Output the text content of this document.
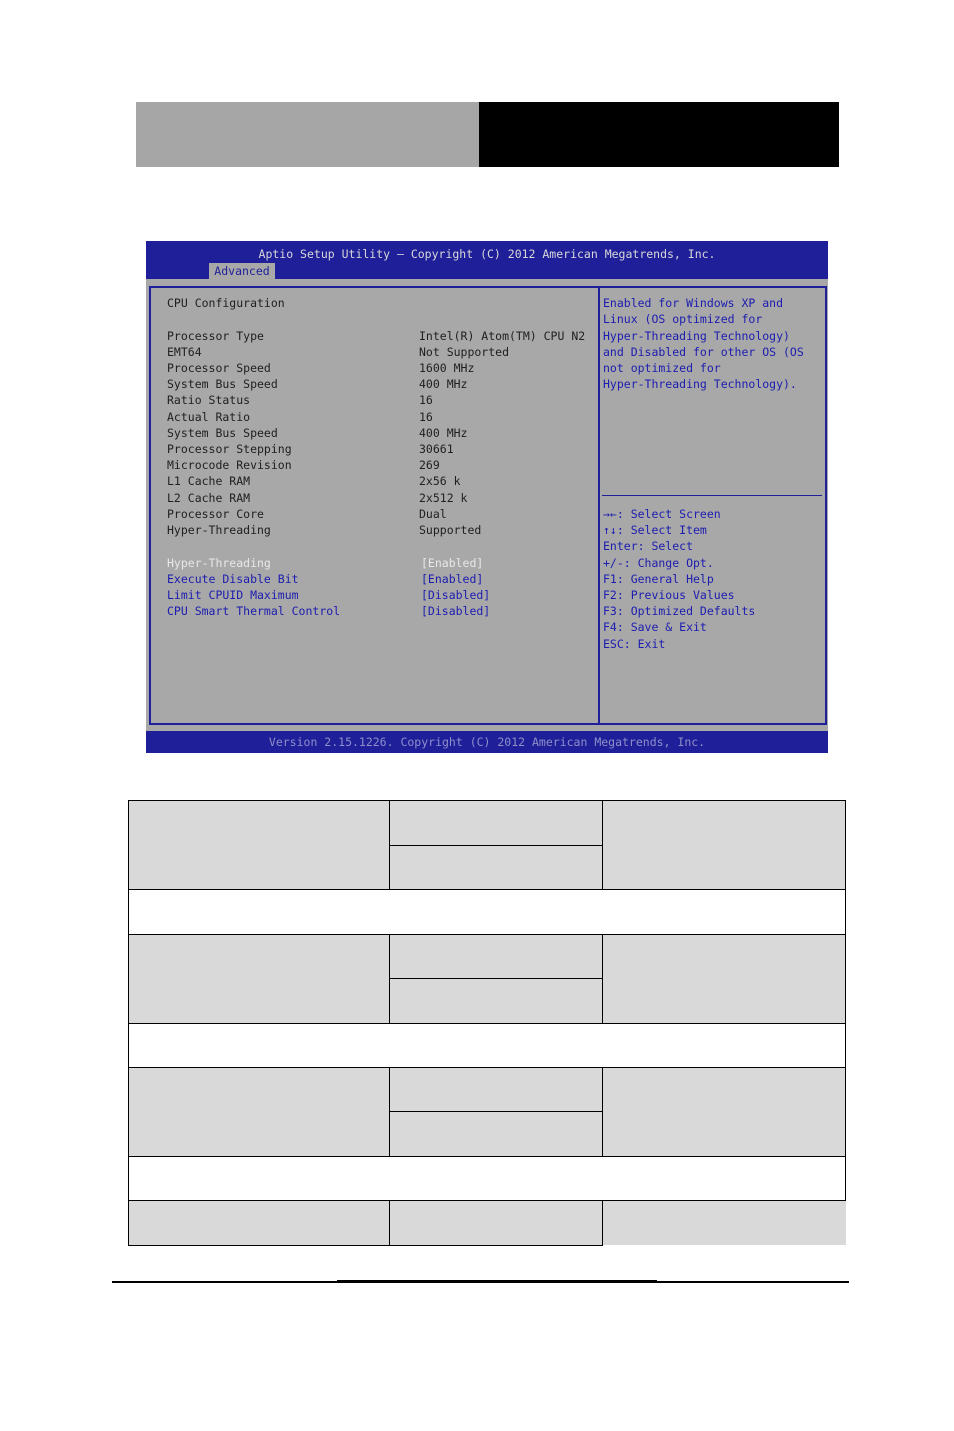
Aptio Setup Utility – Copyright (C) 2012 American Megatrends, Inc.
Advanced
CPU Configuration
Processor Type	Intel(R) Atom(TM) CPU N2
EMT64	Not Supported
Processor Speed	1600 MHz
System Bus Speed	400 MHz
Ratio Status	16
Actual Ratio	16
System Bus Speed	400 MHz
Processor Stepping	30661
Microcode Revision	269
L1 Cache RAM	2x56 k
L2 Cache RAM	2x512 k
Processor Core	Dual
Hyper-Threading	Supported
Hyper-Threading	[Enabled]
Execute Disable Bit	[Enabled]
Limit CPUID Maximum	[Disabled]
CPU Smart Thermal Control	[Disabled]
Enabled for Windows XP and
Linux (OS optimized for
Hyper-Threading Technology)
and Disabled for other OS (OS
not optimized for
Hyper-Threading Technology).
→←: Select Screen
↑↓: Select Item
Enter: Select
+/-: Change Opt.
F1: General Help
F2: Previous Values
F3: Optimized Defaults
F4: Save & Exit
ESC: Exit
Version 2.15.1226. Copyright (C) 2012 American Megatrends, Inc.
